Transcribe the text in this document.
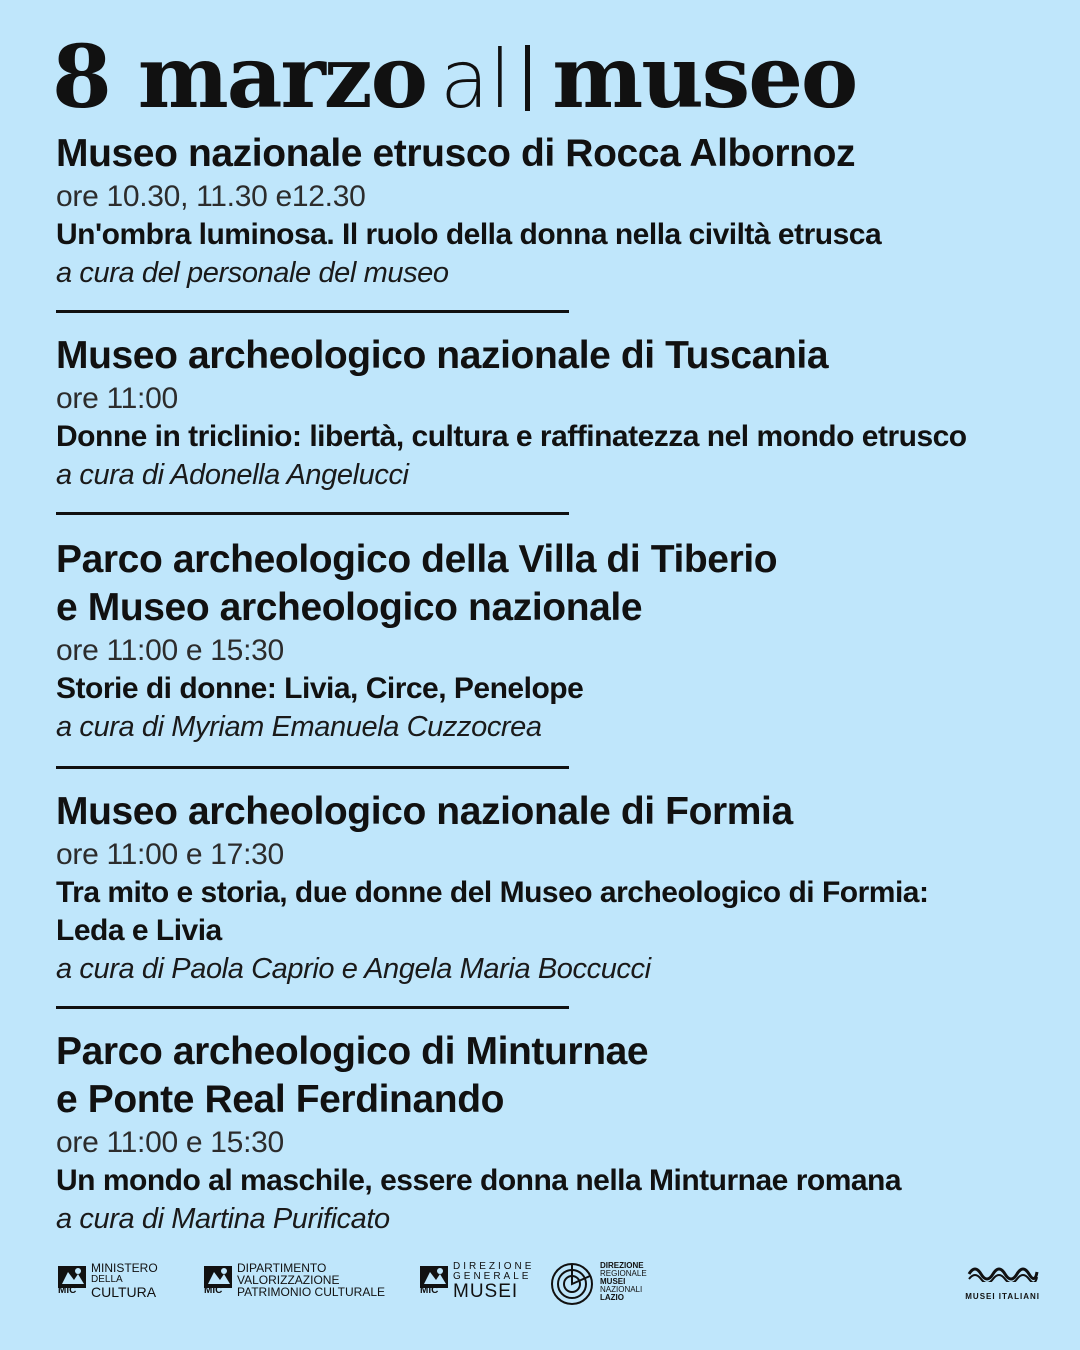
8 marzo al museo
Museo nazionale etrusco di Rocca Albornoz
ore 10.30, 11.30 e12.30
Un'ombra luminosa. Il ruolo della donna nella civiltà etrusca
a cura del personale del museo
Museo archeologico nazionale di Tuscania
ore 11:00
Donne in triclinio: libertà, cultura e raffinatezza nel mondo etrusco
a cura di Adonella Angelucci
Parco archeologico della Villa di Tiberio
e Museo archeologico nazionale
ore 11:00 e 15:30
Storie di donne: Livia, Circe, Penelope
a cura di Myriam Emanuela Cuzzocrea
Museo archeologico nazionale di Formia
ore 11:00 e 17:30
Tra mito e storia, due donne del Museo archeologico di Formia:
Leda e Livia
a cura di Paola Caprio e Angela Maria Boccucci
Parco archeologico di Minturnae
e Ponte Real Ferdinando
ore 11:00 e 15:30
Un mondo al maschile, essere donna nella Minturnae romana
a cura di Martina Purificato
MiC
MINISTERO
DELLA
CULTURA	MiC
DIPARTIMENTO
VALORIZZAZIONE
PATRIMONIO CULTURALE	MiC
DIREZIONE
GENERALE
MUSEI
DIREZIONE
REGIONALE
MUSEI
NAZIONALI
LAZIO	MUSEI ITALIANI
